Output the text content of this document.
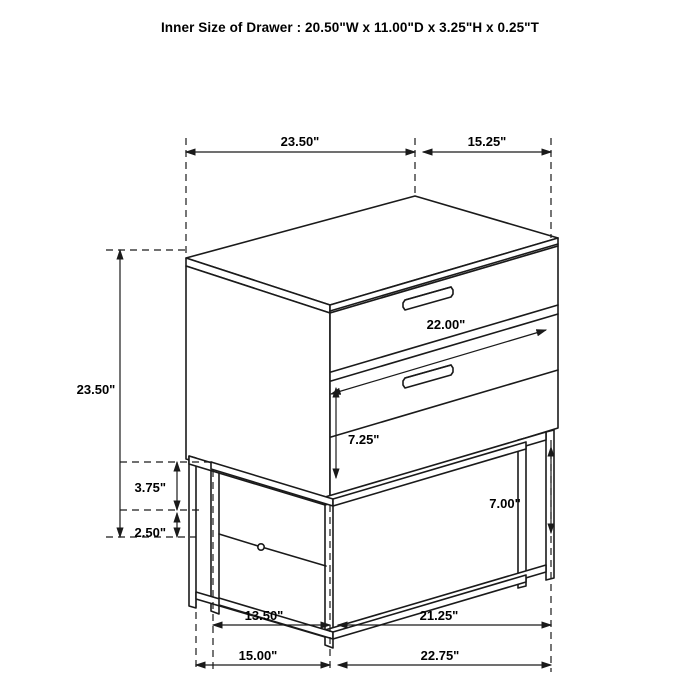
Inner Size of Drawer : 20.50"W x 11.00"D x 3.25"H x 0.25"T
23.50"	15.25"
23.50"
3.75"
2.50"
22.00"
7.25"
7.00"
13.50"	21.25"
15.00"	22.75"
